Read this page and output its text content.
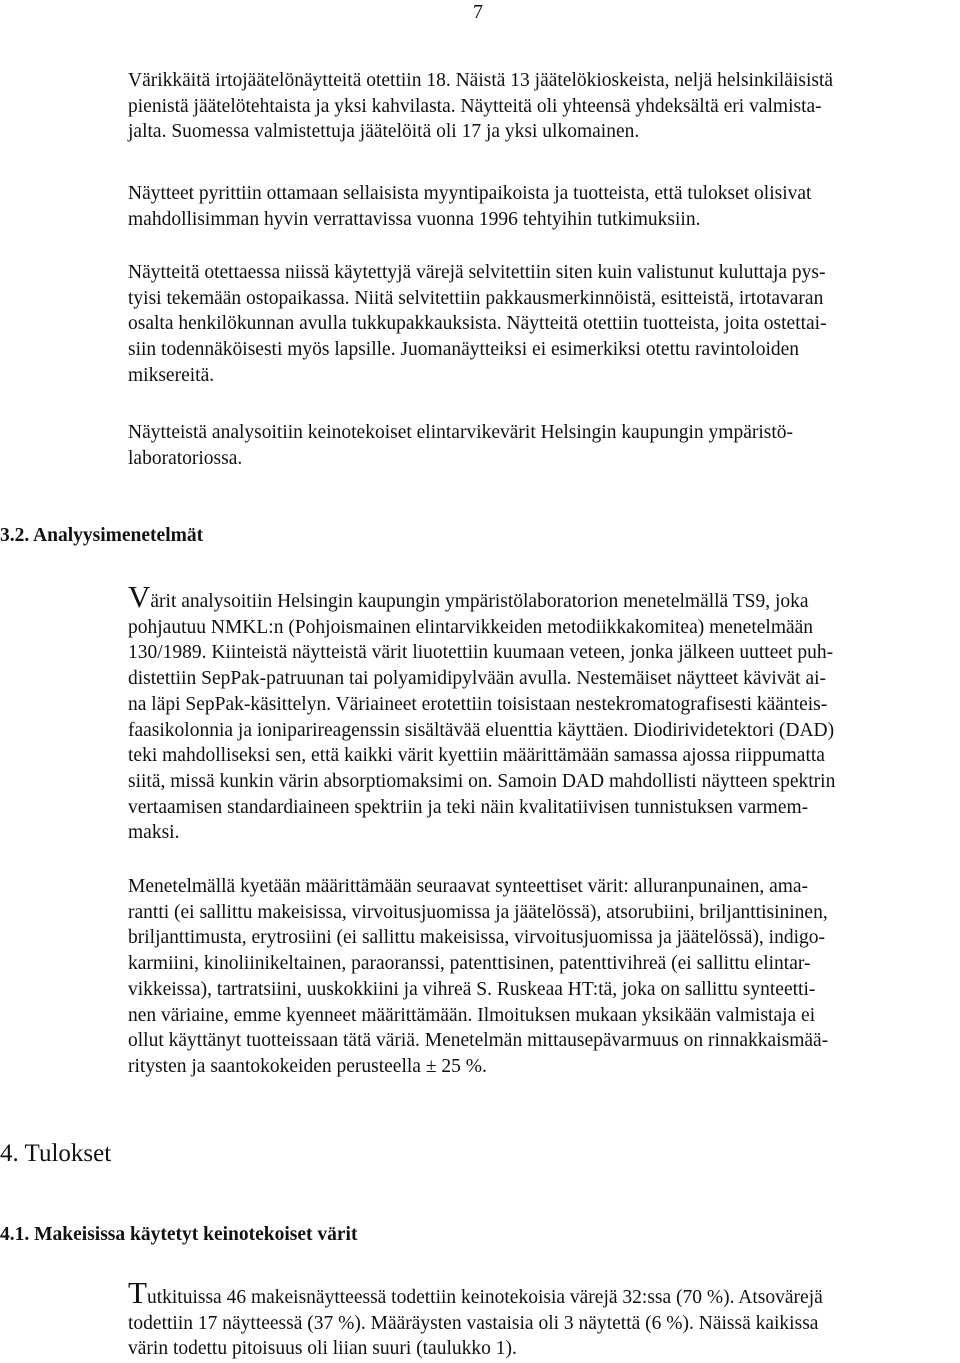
7

Värikkäitä irtojäätelönäytteitä otettiin 18. Näistä 13 jäätelökioskeista, neljä helsinkiläisistä
pienistä jäätelötehtaista ja yksi kahvilasta. Näytteitä oli yhteensä yhdeksältä eri valmista-
jalta. Suomessa valmistettuja jäätelöitä oli 17 ja yksi ulkomainen.

Näytteet pyrittiin ottamaan sellaisista myyntipaikoista ja tuotteista, että tulokset olisivat
mahdollisimman hyvin verrattavissa vuonna 1996 tehtyihin tutkimuksiin.

Näytteitä otettaessa niissä käytettyjä värejä selvitettiin siten kuin valistunut kuluttaja pys-
tyisi tekemään ostopaikassa. Niitä selvitettiin pakkausmerkinnöistä, esitteistä, irtotavaran
osalta henkilökunnan avulla tukkupakkauksista. Näytteitä otettiin tuotteista, joita ostettai-
siin todennäköisesti myös lapsille. Juomanäytteiksi ei esimerkiksi otettu ravintoloiden
miksereitä.

Näytteistä analysoitiin keinotekoiset elintarvikevärit Helsingin kaupungin ympäristö-
laboratoriossa.

3.2. Analyysimenetelmät

Värit analysoitiin Helsingin kaupungin ympäristölaboratorion menetelmällä TS9, joka
pohjautuu NMKL:n (Pohjoismainen elintarvikkeiden metodiikkakomitea) menetelmään
130/1989. Kiinteistä näytteistä värit liuotettiin kuumaan veteen, jonka jälkeen uutteet puh-
distettiin SepPak-patruunan tai polyamidipylvään avulla. Nestemäiset näytteet kävivät ai-
na läpi SepPak-käsittelyn. Väriaineet erotettiin toisistaan nestekromatografisesti käänteis-
faasikolonnia ja ioniparireagenssin sisältävää eluenttia käyttäen. Diodirividetektori (DAD)
teki mahdolliseksi sen, että kaikki värit kyettiin määrittämään samassa ajossa riippumatta
siitä, missä kunkin värin absorptiomaksimi on. Samoin DAD mahdollisti näytteen spektrin
vertaamisen standardiaineen spektriin ja teki näin kvalitatiivisen tunnistuksen varmem-
maksi.

Menetelmällä kyetään määrittämään seuraavat synteettiset värit: alluranpunainen, ama-
rantti (ei sallittu makeisissa, virvoitusjuomissa ja jäätelössä), atsorubiini, briljanttisininen,
briljanttimusta, erytrosiini (ei sallittu makeisissa, virvoitusjuomissa ja jäätelössä), indigo-
karmiini, kinoliinikeltainen, paraoranssi, patenttisinen, patenttivihreä (ei sallittu elintar-
vikkeissa), tartratsiini, uuskokkiini ja vihreä S. Ruskeaa HT:tä, joka on sallittu synteetti-
nen väriaine, emme kyenneet määrittämään. Ilmoituksen mukaan yksikään valmistaja ei
ollut käyttänyt tuotteissaan tätä väriä. Menetelmän mittausepävarmuus on rinnakkaismää-
ritysten ja saantokokeiden perusteella ± 25 %.

4. Tulokset
4.1. Makeisissa käytetyt keinotekoiset värit

Tutkituissa 46 makeisnäytteessä todettiin keinotekoisia värejä 32:ssa (70 %). Atsovärejä
todettiin 17 näytteessä (37 %). Määräysten vastaisia oli 3 näytettä (6 %). Näissä kaikissa
värin todettu pitoisuus oli liian suuri (taulukko 1).
